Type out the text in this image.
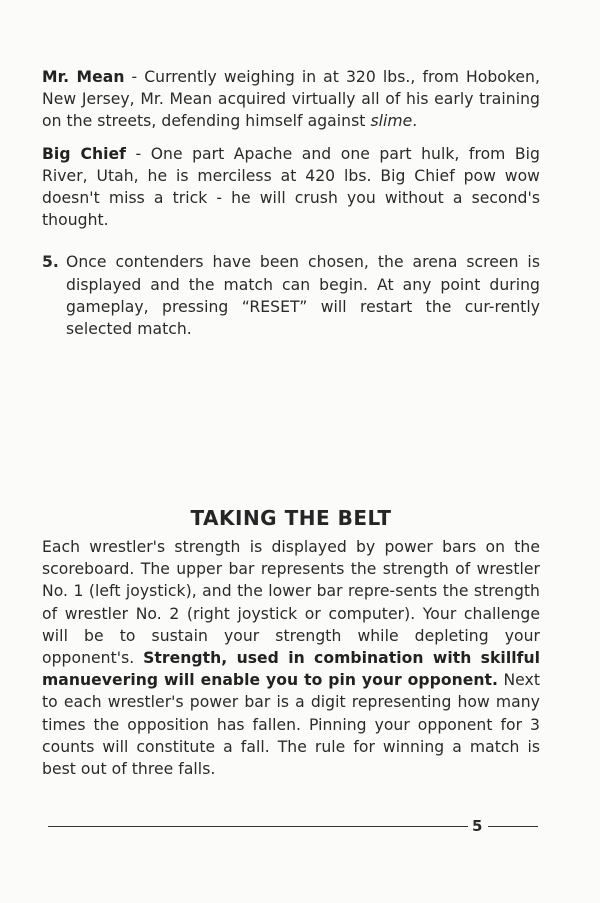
Mr. Mean - Currently weighing in at 320 lbs., from Hoboken, New Jersey, Mr. Mean acquired virtually all of his early training on the streets, defending himself against slime.

Big Chief - One part Apache and one part hulk, from Big River, Utah, he is merciless at 420 lbs. Big Chief pow wow doesn't miss a trick - he will crush you without a second's thought.

5. Once contenders have been chosen, the arena screen is displayed and the match can begin. At any point during gameplay, pressing “RESET” will restart the cur-rently selected match.

TAKING THE BELT

Each wrestler's strength is displayed by power bars on the scoreboard. The upper bar represents the strength of wrestler No. 1 (left joystick), and the lower bar repre-sents the strength of wrestler No. 2 (right joystick or computer). Your challenge will be to sustain your strength while depleting your opponent's. Strength, used in combination with skillful manuevering will enable you to pin your opponent. Next to each wrestler's power bar is a digit representing how many times the opposition has fallen. Pinning your opponent for 3 counts will constitute a fall. The rule for winning a match is best out of three falls.

5
